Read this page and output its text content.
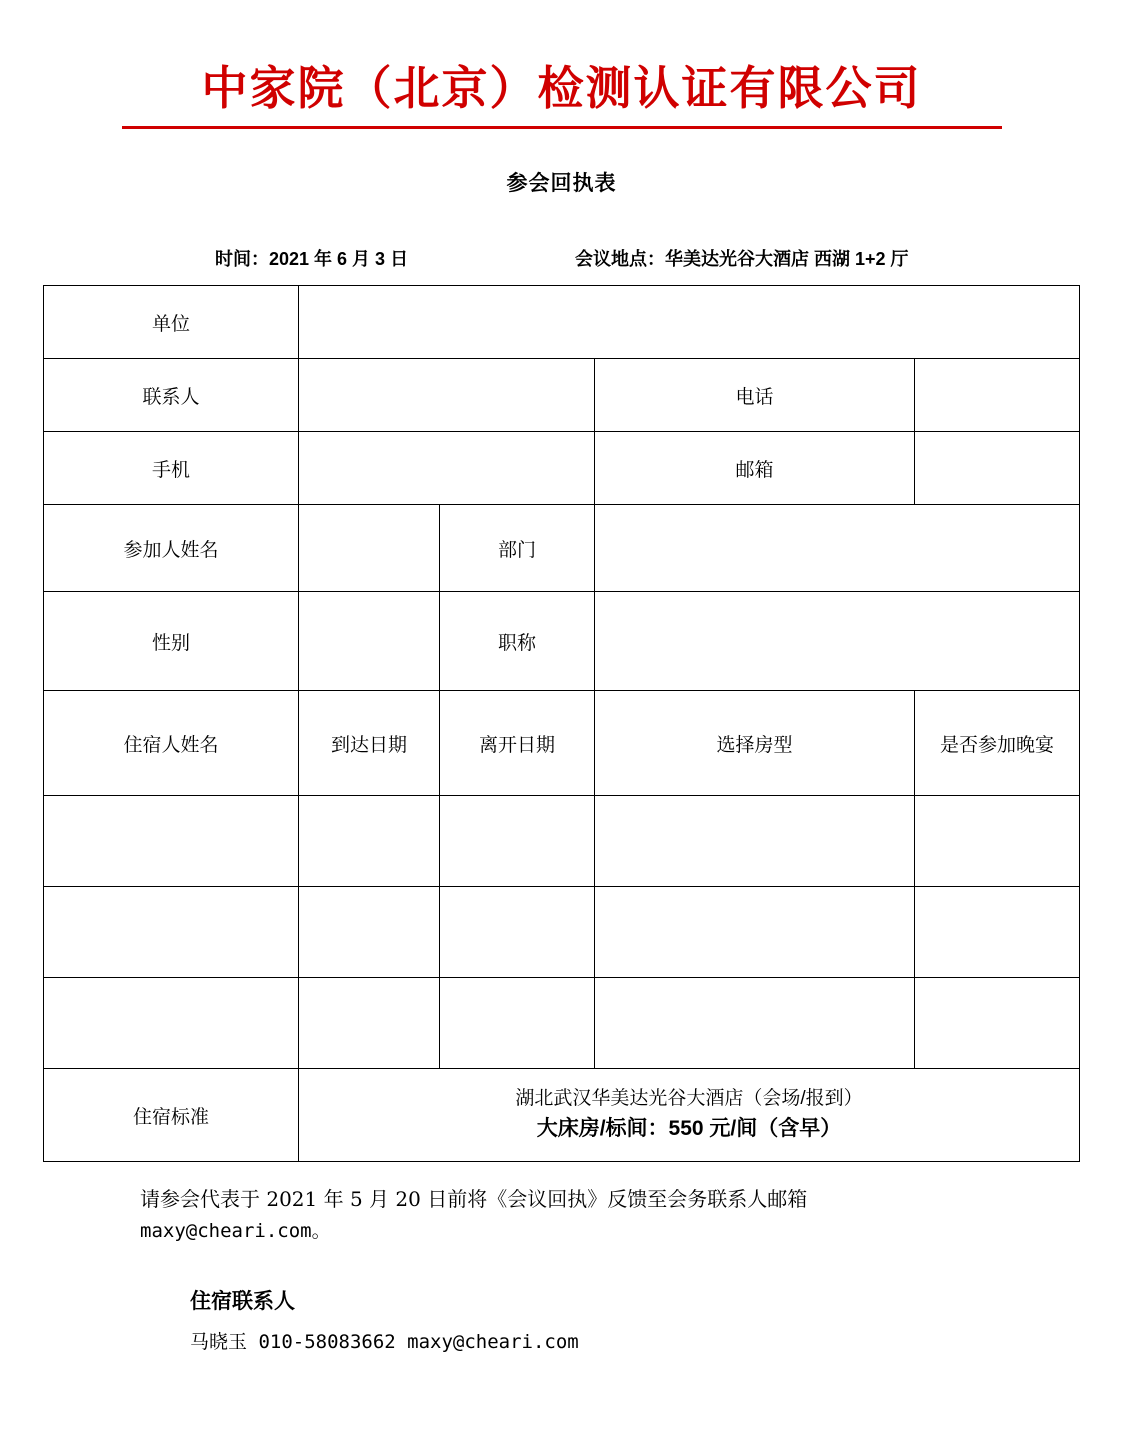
中家院（北京）检测认证有限公司
参会回执表
时间：2021 年 6 月 3 日	会议地点：华美达光谷大酒店 西湖 1+2 厅
单位				
联系人			电话	
手机			邮箱	
参加人姓名		部门		
性别		职称		
住宿人姓名	到达日期	离开日期	选择房型	是否参加晚宴

住宿标准	湖北武汉华美达光谷大酒店（会场/报到）
大床房/标间：550 元/间（含早）			
请参会代表于 2021 年 5 月 20 日前将《会议回执》反馈至会务联系人邮箱
maxy@cheari.com。
住宿联系人
马晓玉 010-58083662 maxy@cheari.com
